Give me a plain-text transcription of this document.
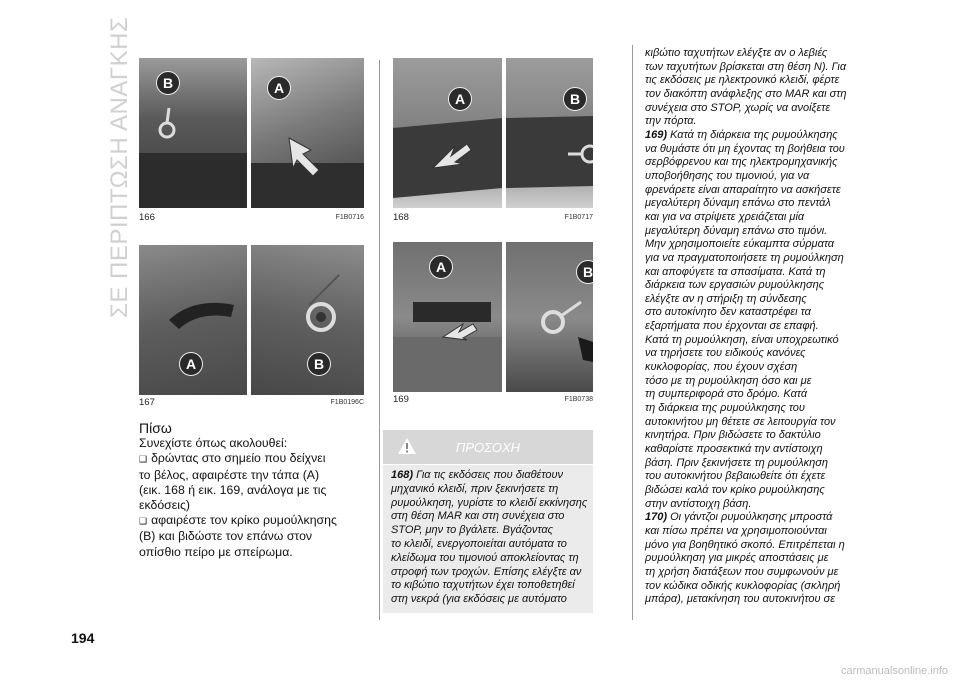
ΣΕ ΠΕΡΙΠΤΩΣΗ ΑΝΑΓΚΗΣ	B	A
166	F1B0716
A	B
167	F1B0196C
A	B
168	F1B0717
A	B
169	F1B0738

Πίσω

Συνεχίστε όπως ακολουθεί:

❑ δρώντας στο σημείο που δείχνει

το βέλος, αφαιρέστε την τάπα (A)

(εικ. 168 ή εικ. 169, ανάλογα με τις

εκδόσεις)

❑ αφαιρέστε τον κρίκο ρυμούλκησης

(B) και βιδώστε τον επάνω στον

οπίσθιο πείρο με σπείρωμα.

ΠΡΟΣΟΧΗ

168) Για τις εκδόσεις που διαθέτουν

μηχανικό κλειδί, πριν ξεκινήσετε τη

ρυμούλκηση, γυρίστε το κλειδί εκκίνησης

στη θέση MAR και στη συνέχεια στο

STOP, μην το βγάλετε. Βγάζοντας

το κλειδί, ενεργοποιείται αυτόματα το

κλείδωμα του τιμονιού αποκλείοντας τη

στροφή των τροχών. Επίσης ελέγξτε αν

το κιβώτιο ταχυτήτων έχει τοποθετηθεί

στη νεκρά (για εκδόσεις με αυτόματο

κιβώτιο ταχυτήτων ελέγξτε αν ο λεβιές

των ταχυτήτων βρίσκεται στη θέση N). Για

τις εκδόσεις με ηλεκτρονικό κλειδί, φέρτε

τον διακόπτη ανάφλεξης στο MAR και στη

συνέχεια στο STOP, χωρίς να ανοίξετε

την πόρτα.

169) Κατά τη διάρκεια της ρυμούλκησης

να θυμάστε ότι μη έχοντας τη βοήθεια του

σερβόφρενου και της ηλεκτρομηχανικής

υποβοήθησης του τιμονιού, για να

φρενάρετε είναι απαραίτητο να ασκήσετε

μεγαλύτερη δύναμη επάνω στο πεντάλ

και για να στρίψετε χρειάζεται μία

μεγαλύτερη δύναμη επάνω στο τιμόνι.

Μην χρησιμοποιείτε εύκαμπτα σύρματα

για να πραγματοποιήσετε τη ρυμούλκηση

και αποφύγετε τα σπασίματα. Κατά τη

διάρκεια των εργασιών ρυμούλκησης

ελέγξτε αν η στήριξη τη σύνδεσης

στο αυτοκίνητο δεν καταστρέφει τα

εξαρτήματα που έρχονται σε επαφή.

Κατά τη ρυμούλκηση, είναι υποχρεωτικό

να τηρήσετε του ειδικούς κανόνες

κυκλοφορίας, που έχουν σχέση

τόσο με τη ρυμούλκηση όσο και με

τη συμπεριφορά στο δρόμο. Κατά

τη διάρκεια της ρυμούλκησης του

αυτοκινήτου μη θέτετε σε λειτουργία τον

κινητήρα. Πριν βιδώσετε το δακτύλιο

καθαρίστε προσεκτικά την αντίστοιχη

βάση. Πριν ξεκινήσετε τη ρυμούλκηση

του αυτοκινήτου βεβαιωθείτε ότι έχετε

βιδώσει καλά τον κρίκο ρυμούλκησης

στην αντίστοιχη βάση.

170) Οι γάντζοι ρυμούλκησης μπροστά

και πίσω πρέπει να χρησιμοποιούνται

μόνο για βοηθητικό σκοπό. Επιτρέπεται η

ρυμούλκηση για μικρές αποστάσεις με

τη χρήση διατάξεων που συμφωνούν με

τον κώδικα οδικής κυκλοφορίας (σκληρή

μπάρα), μετακίνηση του αυτοκινήτου σε

194
carmanualsonline.info
